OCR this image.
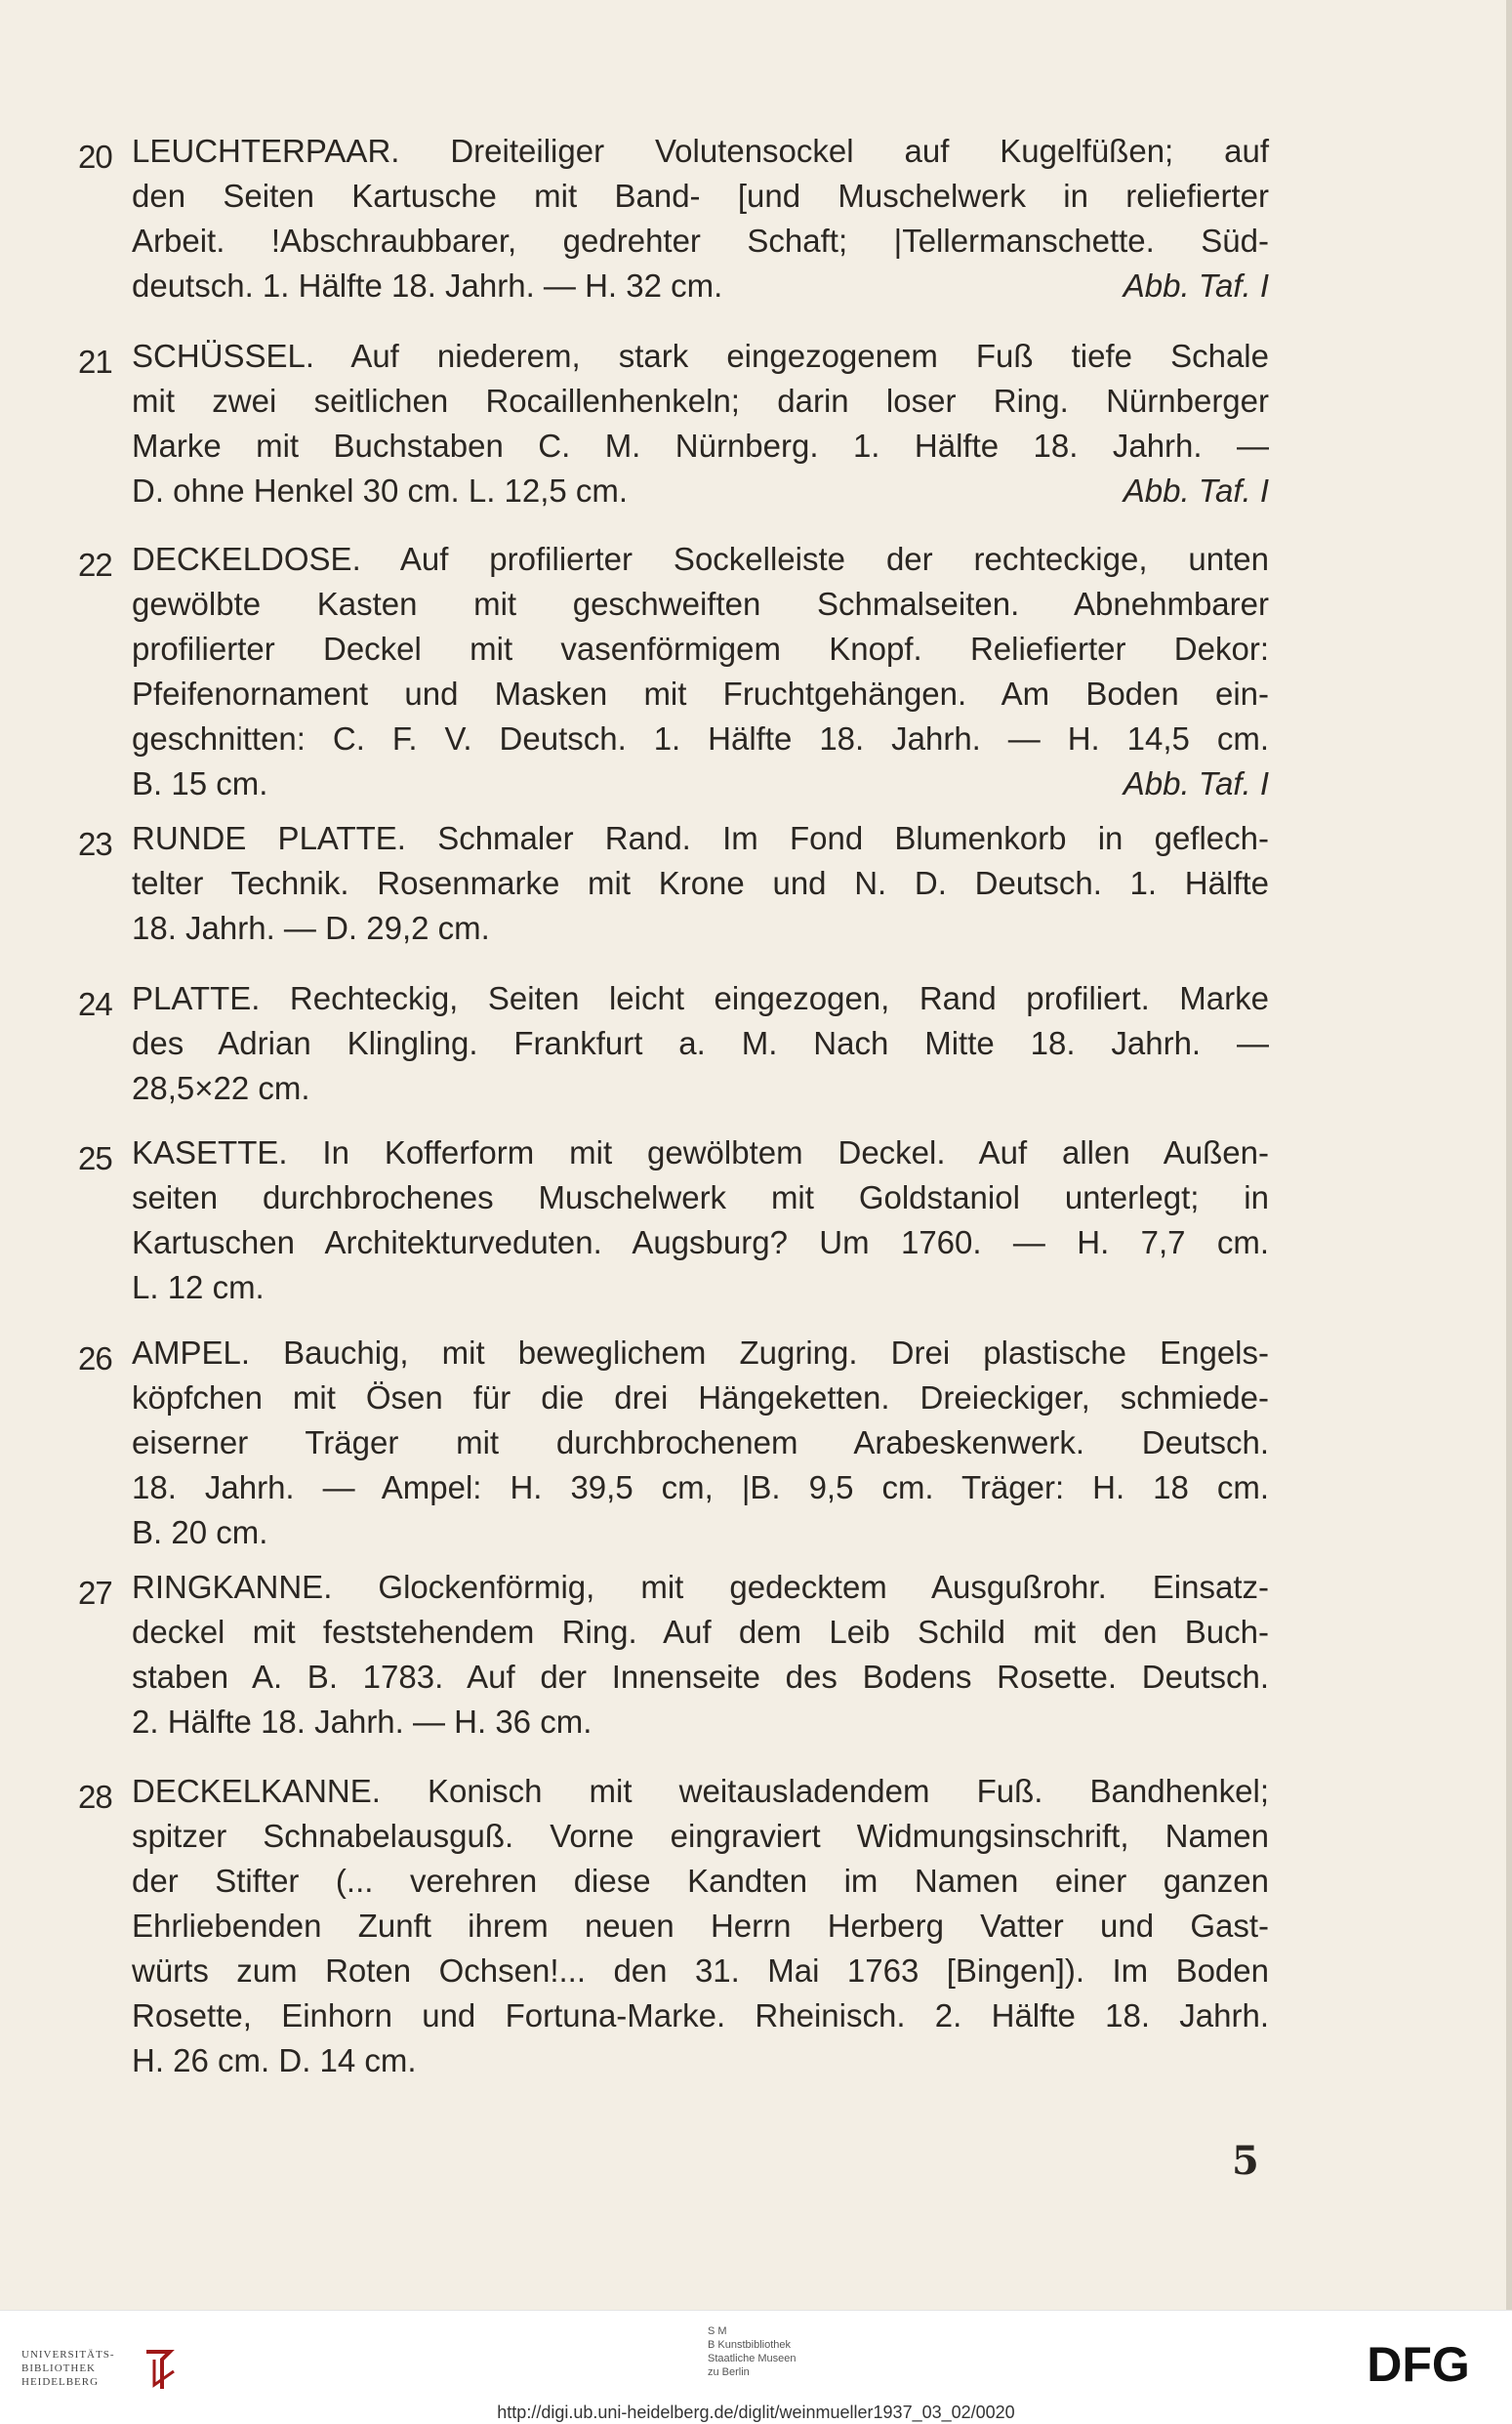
20 LEUCHTERPAAR. Dreiteiliger Volutensockel auf Kugelfüßen; auf
den Seiten Kartusche mit Band- [und Muschelwerk in reliefierter
Arbeit. !Abschraubbarer, gedrehter Schaft; |Tellermanschette. Süd-
deutsch. 1. Hälfte 18. Jahrh. — H. 32 cm.	Abb. Taf. I
21 SCHÜSSEL. Auf niederem, stark eingezogenem Fuß tiefe Schale
mit zwei seitlichen Rocaillenhenkeln; darin loser Ring. Nürnberger
Marke mit Buchstaben C. M. Nürnberg. 1. Hälfte 18. Jahrh. —
D. ohne Henkel 30 cm. L. 12,5 cm.	Abb. Taf. I
22 DECKELDOSE. Auf profilierter Sockelleiste der rechteckige, unten
gewölbte Kasten mit geschweiften Schmalseiten. Abnehmbarer
profilierter Deckel mit vasenförmigem Knopf. Reliefierter Dekor:
Pfeifenornament und Masken mit Fruchtgehängen. Am Boden ein-
geschnitten: C. F. V. Deutsch. 1. Hälfte 18. Jahrh. — H. 14,5 cm.
B. 15 cm.	Abb. Taf. I
23 RUNDE PLATTE. Schmaler Rand. Im Fond Blumenkorb in geflech-
telter Technik. Rosenmarke mit Krone und N. D. Deutsch. 1. Hälfte
18. Jahrh. — D. 29,2 cm.
24 PLATTE. Rechteckig, Seiten leicht eingezogen, Rand profiliert. Marke
des Adrian Klingling. Frankfurt a. M. Nach Mitte 18. Jahrh. —
28,5×22 cm.
25 KASETTE. In Kofferform mit gewölbtem Deckel. Auf allen Außen-
seiten durchbrochenes Muschelwerk mit Goldstaniol unterlegt; in
Kartuschen Architekturveduten. Augsburg? Um 1760. — H. 7,7 cm.
L. 12 cm.
26 AMPEL. Bauchig, mit beweglichem Zugring. Drei plastische Engels-
köpfchen mit Ösen für die drei Hängeketten. Dreieckiger, schmiede-
eiserner Träger mit durchbrochenem Arabeskenwerk. Deutsch.
18. Jahrh. — Ampel: H. 39,5 cm, |B. 9,5 cm. Träger: H. 18 cm.
B. 20 cm.
27 RINGKANNE. Glockenförmig, mit gedecktem Ausgußrohr. Einsatz-
deckel mit feststehendem Ring. Auf dem Leib Schild mit den Buch-
staben A. B. 1783. Auf der Innenseite des Bodens Rosette. Deutsch.
2. Hälfte 18. Jahrh. — H. 36 cm.
28 DECKELKANNE. Konisch mit weitausladendem Fuß. Bandhenkel;
spitzer Schnabelausguß. Vorne eingraviert Widmungsinschrift, Namen
der Stifter (... verehren diese Kandten im Namen einer ganzen
Ehrliebenden Zunft ihrem neuen Herrn Herberg Vatter und Gast-
würts zum Roten Ochsen!... den 31. Mai 1763 [Bingen]). Im Boden
Rosette, Einhorn und Fortuna-Marke. Rheinisch. 2. Hälfte 18. Jahrh.
H. 26 cm. D. 14 cm.
5
UNIVERSITÄTS-
BIBLIOTHEK
HEIDELBERG
S M
B Kunstbibliothek
Staatliche Museen
zu Berlin	DFG
http://digi.ub.uni-heidelberg.de/diglit/weinmueller1937_03_02/0020
